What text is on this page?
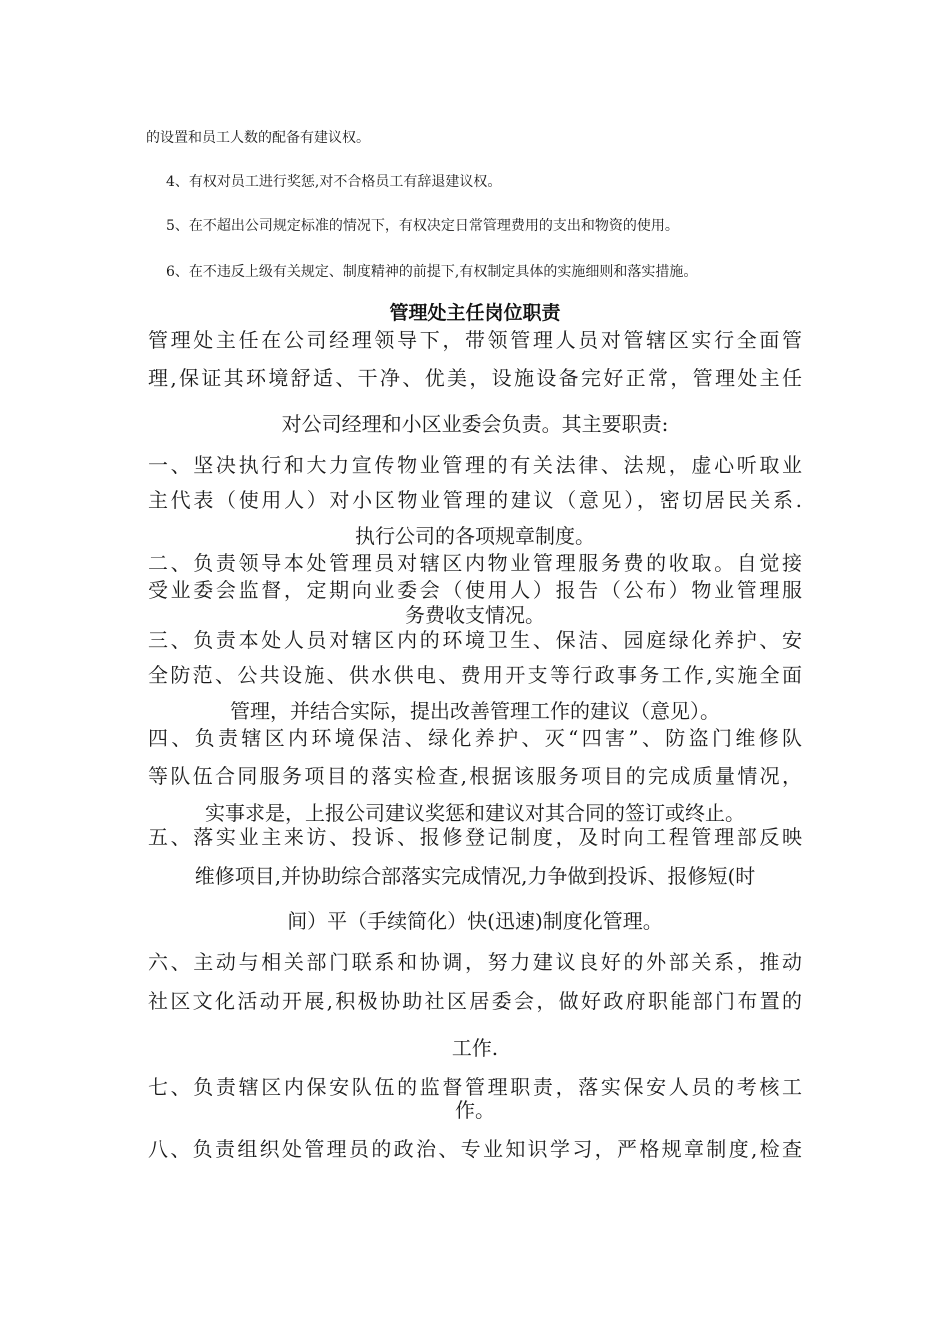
的设置和员工人数的配备有建议权。
4、有权对员工进行奖惩,对不合格员工有辞退建议权。
5、在不超出公司规定标准的情况下，有权决定日常管理费用的支出和物资的使用。
6、在不违反上级有关规定、制度精神的前提下,有权制定具体的实施细则和落实措施。
管理处主任岗位职责
管理处主任在公司经理领导下，带领管理人员对管辖区实行全面管
理,保证其环境舒适、干净、优美，设施设备完好正常，管理处主任
对公司经理和小区业委会负责。其主要职责:
一、坚决执行和大力宣传物业管理的有关法律、法规，虚心听取业
主代表（使用人）对小区物业管理的建议（意见），密切居民关系.
执行公司的各项规章制度。
二、负责领导本处管理员对辖区内物业管理服务费的收取。自觉接
受业委会监督，定期向业委会（使用人）报告（公布）物业管理服
务费收支情况。
三、负责本处人员对辖区内的环境卫生、保洁、园庭绿化养护、安
全防范、公共设施、供水供电、费用开支等行政事务工作,实施全面
管理，并结合实际，提出改善管理工作的建议（意见）。
四、负责辖区内环境保洁、绿化养护、灭“四害”、防盗门维修队
等队伍合同服务项目的落实检查,根据该服务项目的完成质量情况，
实事求是，上报公司建议奖惩和建议对其合同的签订或终止。
五、落实业主来访、投诉、报修登记制度，及时向工程管理部反映
维修项目,并协助综合部落实完成情况,力争做到投诉、报修短(时
间）平（手续简化）快(迅速)制度化管理。
六、主动与相关部门联系和协调，努力建议良好的外部关系，推动
社区文化活动开展,积极协助社区居委会，做好政府职能部门布置的
工作.
七、负责辖区内保安队伍的监督管理职责，落实保安人员的考核工
作。
八、负责组织处管理员的政治、专业知识学习，严格规章制度,检查
